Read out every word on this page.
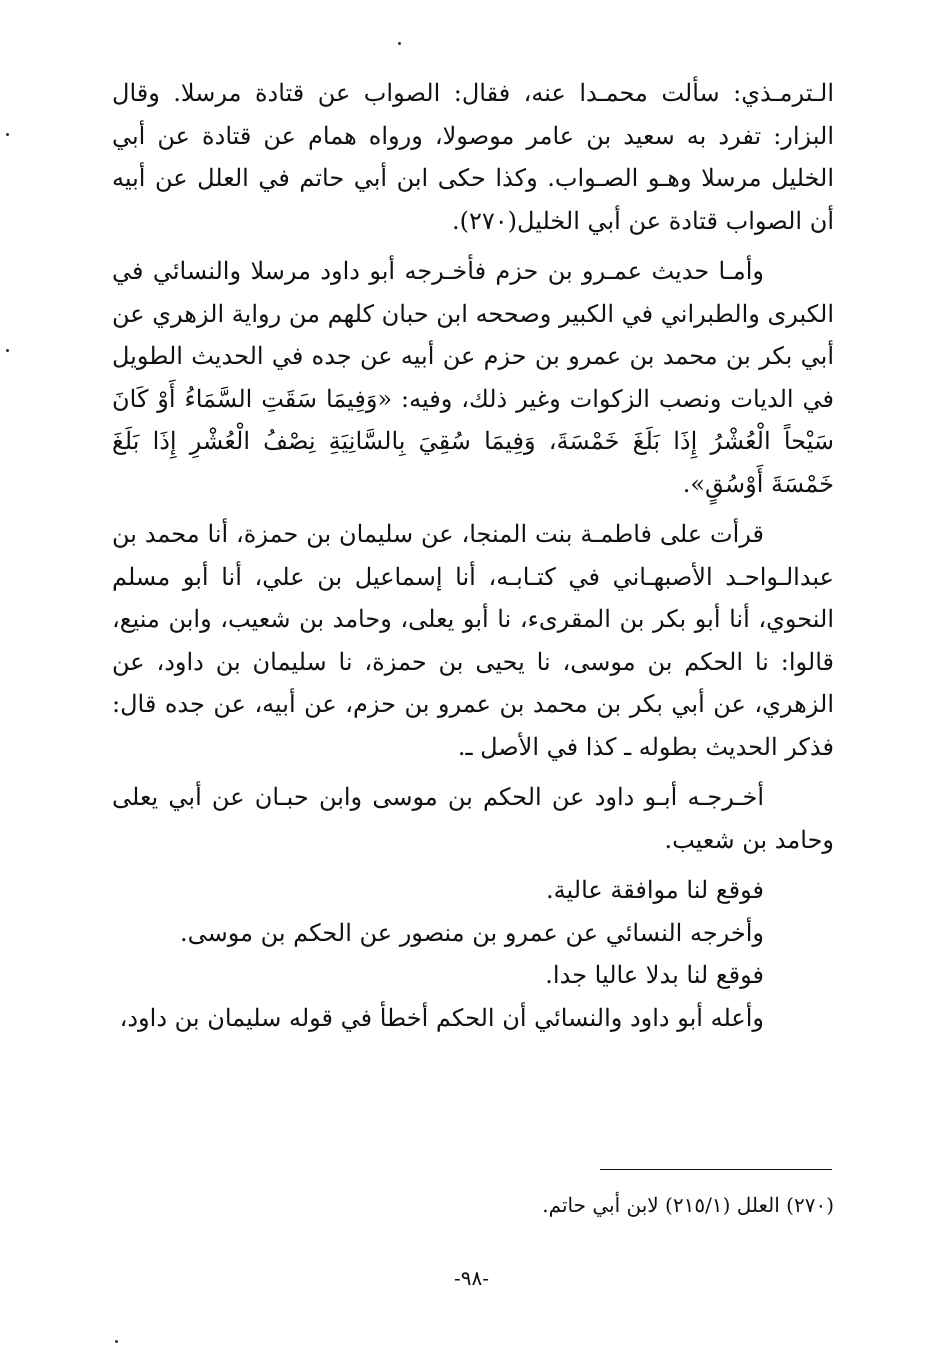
الـترمـذي: سألت محمـدا عنه، فقال: الصواب عن قتادة مرسلا. وقال البزار: تفرد به سعيد بن عامر موصولا، ورواه همام عن قتادة عن أبي الخليل مرسلا وهـو الصـواب. وكذا حكى ابن أبي حاتم في العلل عن أبيه أن الصواب قتادة عن أبي الخليل(٢٧٠).

وأمـا حديث عمـرو بن حزم فأخـرجه أبو داود مرسلا والنسائي في الكبرى والطبراني في الكبير وصححه ابن حبان كلهم من رواية الزهري عن أبي بكر بن محمد بن عمرو بن حزم عن أبيه عن جده في الحديث الطويل في الديات ونصب الزكوات وغير ذلك، وفيه: «وَفِيمَا سَقَتِ السَّمَاءُ أَوْ كَانَ سَيْحاً الْعُشْرُ إِذَا بَلَغَ خَمْسَةَ، وَفِيمَا سُقِيَ بِالسَّانِيَةِ نِصْفُ الْعُشْرِ إِذَا بَلَغَ خَمْسَةَ أَوْسُقٍ».

قرأت على فاطمـة بنت المنجا، عن سليمان بن حمزة، أنا محمد بن عبدالـواحـد الأصبهـاني في كتـابـه، أنا إسماعيل بن علي، أنا أبو مسلم النحوي، أنا أبو بكر بن المقرىء، نا أبو يعلى، وحامد بن شعيب، وابن منيع، قالوا: نا الحكم بن موسى، نا يحيى بن حمزة، نا سليمان بن داود، عن الزهري، عن أبي بكر بن محمد بن عمرو بن حزم، عن أبيه، عن جده قال: فذكر الحديث بطوله ـ كذا في الأصل ـ.

أخـرجـه أبـو داود عن الحكم بن موسى وابن حبـان عن أبي يعلى وحامد بن شعيب.

فوقع لنا موافقة عالية.

وأخرجه النسائي عن عمرو بن منصور عن الحكم بن موسى.

فوقع لنا بدلا عاليا جدا.

وأعله أبو داود والنسائي أن الحكم أخطأ في قوله سليمان بن داود،

(٢٧٠) العلل (٢١٥/١) لابن أبي حاتم.
-٩٨-
